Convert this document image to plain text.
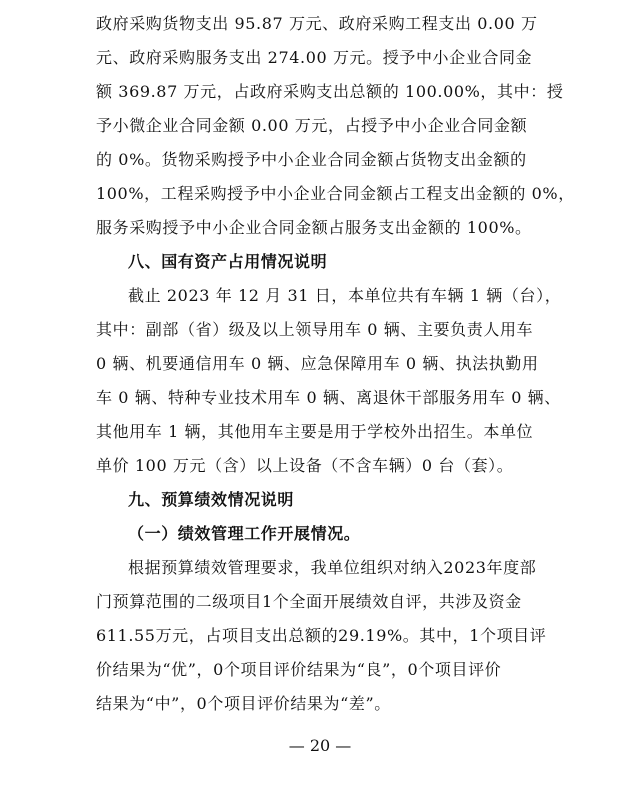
政府采购货物支出 95.87 万元、政府采购工程支出 0.00 万
元、政府采购服务支出 274.00 万元。授予中小企业合同金
额 369.87 万元，占政府采购支出总额的 100.00%，其中：授
予小微企业合同金额 0.00 万元，占授予中小企业合同金额
的 0%。货物采购授予中小企业合同金额占货物支出金额的
100%，工程采购授予中小企业合同金额占工程支出金额的 0%，
服务采购授予中小企业合同金额占服务支出金额的 100%。
八、国有资产占用情况说明
截止 2023 年 12 月 31 日，本单位共有车辆 1 辆（台），
其中：副部（省）级及以上领导用车 0 辆、主要负责人用车
0 辆、机要通信用车 0 辆、应急保障用车 0 辆、执法执勤用
车 0 辆、特种专业技术用车 0 辆、离退休干部服务用车 0 辆、
其他用车 1 辆，其他用车主要是用于学校外出招生。本单位
单价 100 万元（含）以上设备（不含车辆）0 台（套）。
九、预算绩效情况说明
（一）绩效管理工作开展情况。
根据预算绩效管理要求，我单位组织对纳入2023年度部
门预算范围的二级项目1个全面开展绩效自评，共涉及资金
611.55万元，占项目支出总额的29.19%。其中，1个项目评
价结果为“优”，0个项目评价结果为“良”，0个项目评价
结果为“中”，0个项目评价结果为“差”。
— 20 —
